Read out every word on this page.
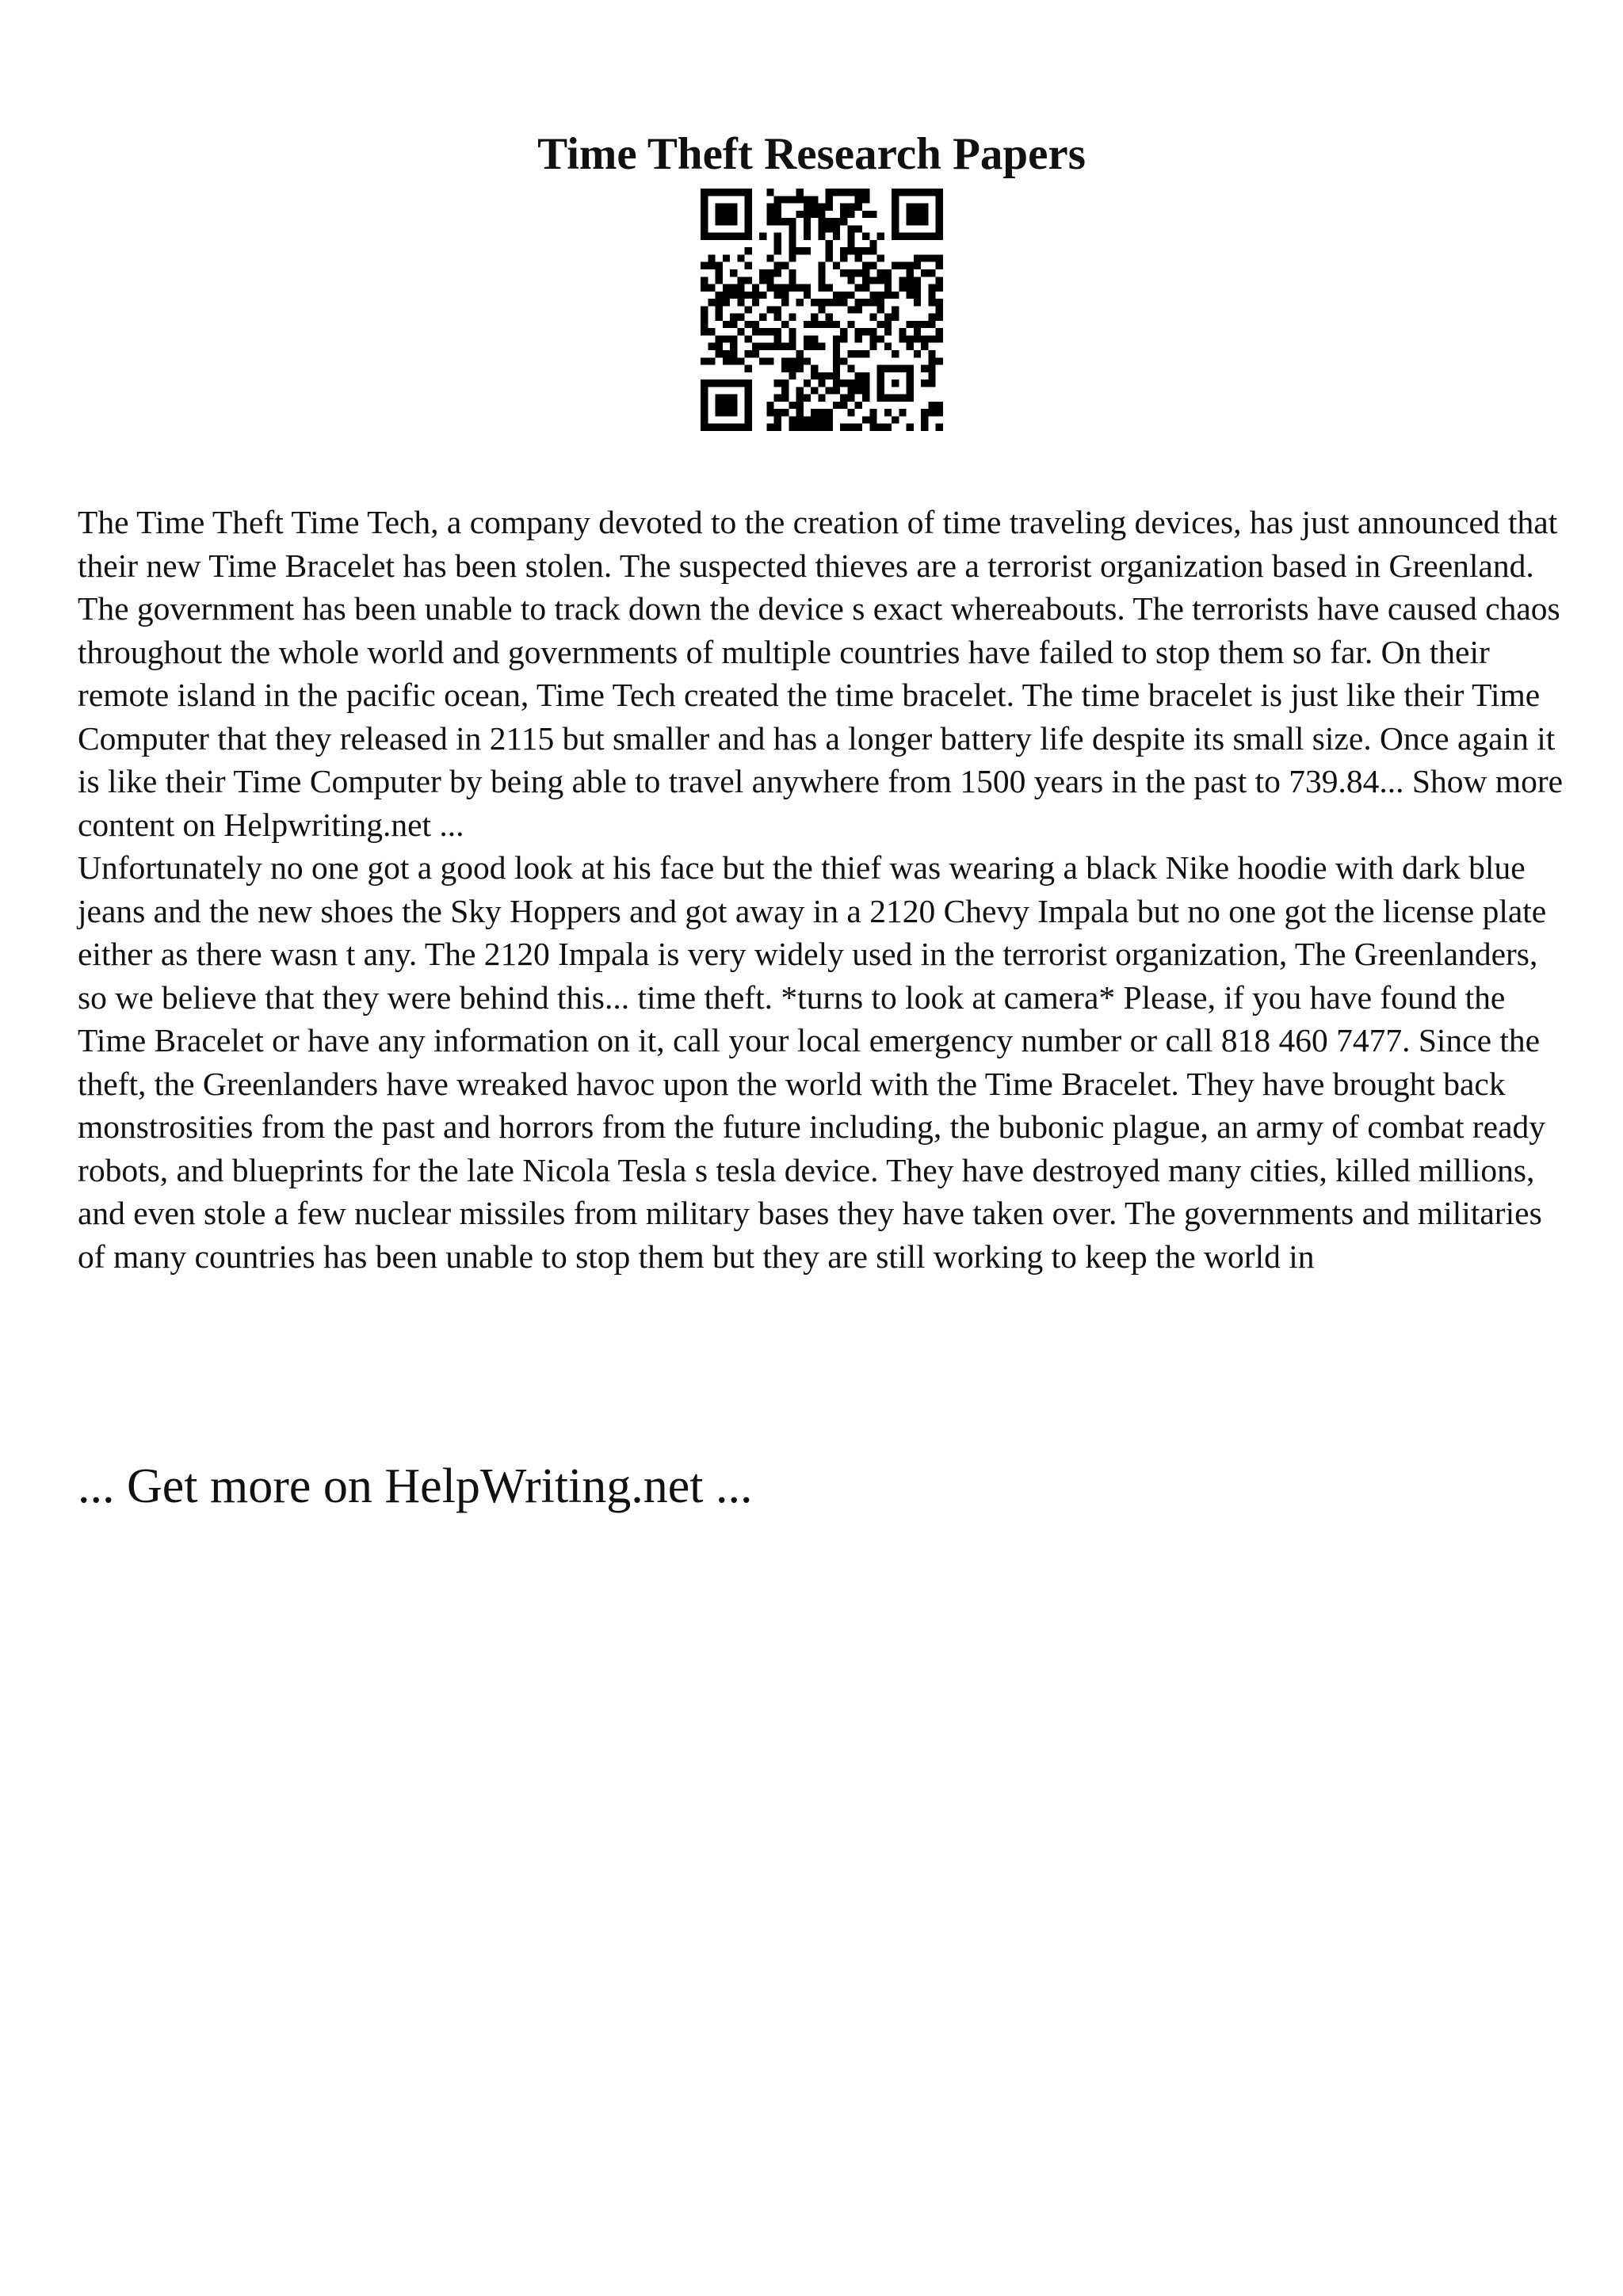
Time Theft Research Papers

The Time Theft Time Tech, a company devoted to the creation of time traveling devices, has just announced that their new Time Bracelet has been stolen. The suspected thieves are a terrorist organization based in Greenland. The government has been unable to track down the device s exact whereabouts. The terrorists have caused chaos throughout the whole world and governments of multiple countries have failed to stop them so far. On their remote island in the pacific ocean, Time Tech created the time bracelet. The time bracelet is just like their Time Computer that they released in 2115 but smaller and has a longer battery life despite its small size. Once again it is like their Time Computer by being able to travel anywhere from 1500 years in the past to 739.84... Show more content on Helpwriting.net ...

Unfortunately no one got a good look at his face but the thief was wearing a black Nike hoodie with dark blue jeans and the new shoes the Sky Hoppers and got away in a 2120 Chevy Impala but no one got the license plate either as there wasn t any. The 2120 Impala is very widely used in the terrorist organization, The Greenlanders, so we believe that they were behind this... time theft. *turns to look at camera* Please, if you have found the Time Bracelet or have any information on it, call your local emergency number or call 818 460 7477. Since the theft, the Greenlanders have wreaked havoc upon the world with the Time Bracelet. They have brought back monstrosities from the past and horrors from the future including, the bubonic plague, an army of combat ready robots, and blueprints for the late Nicola Tesla s tesla device. They have destroyed many cities, killed millions, and even stole a few nuclear missiles from military bases they have taken over. The governments and militaries of many countries has been unable to stop them but they are still working to keep the world in

... Get more on HelpWriting.net ...
